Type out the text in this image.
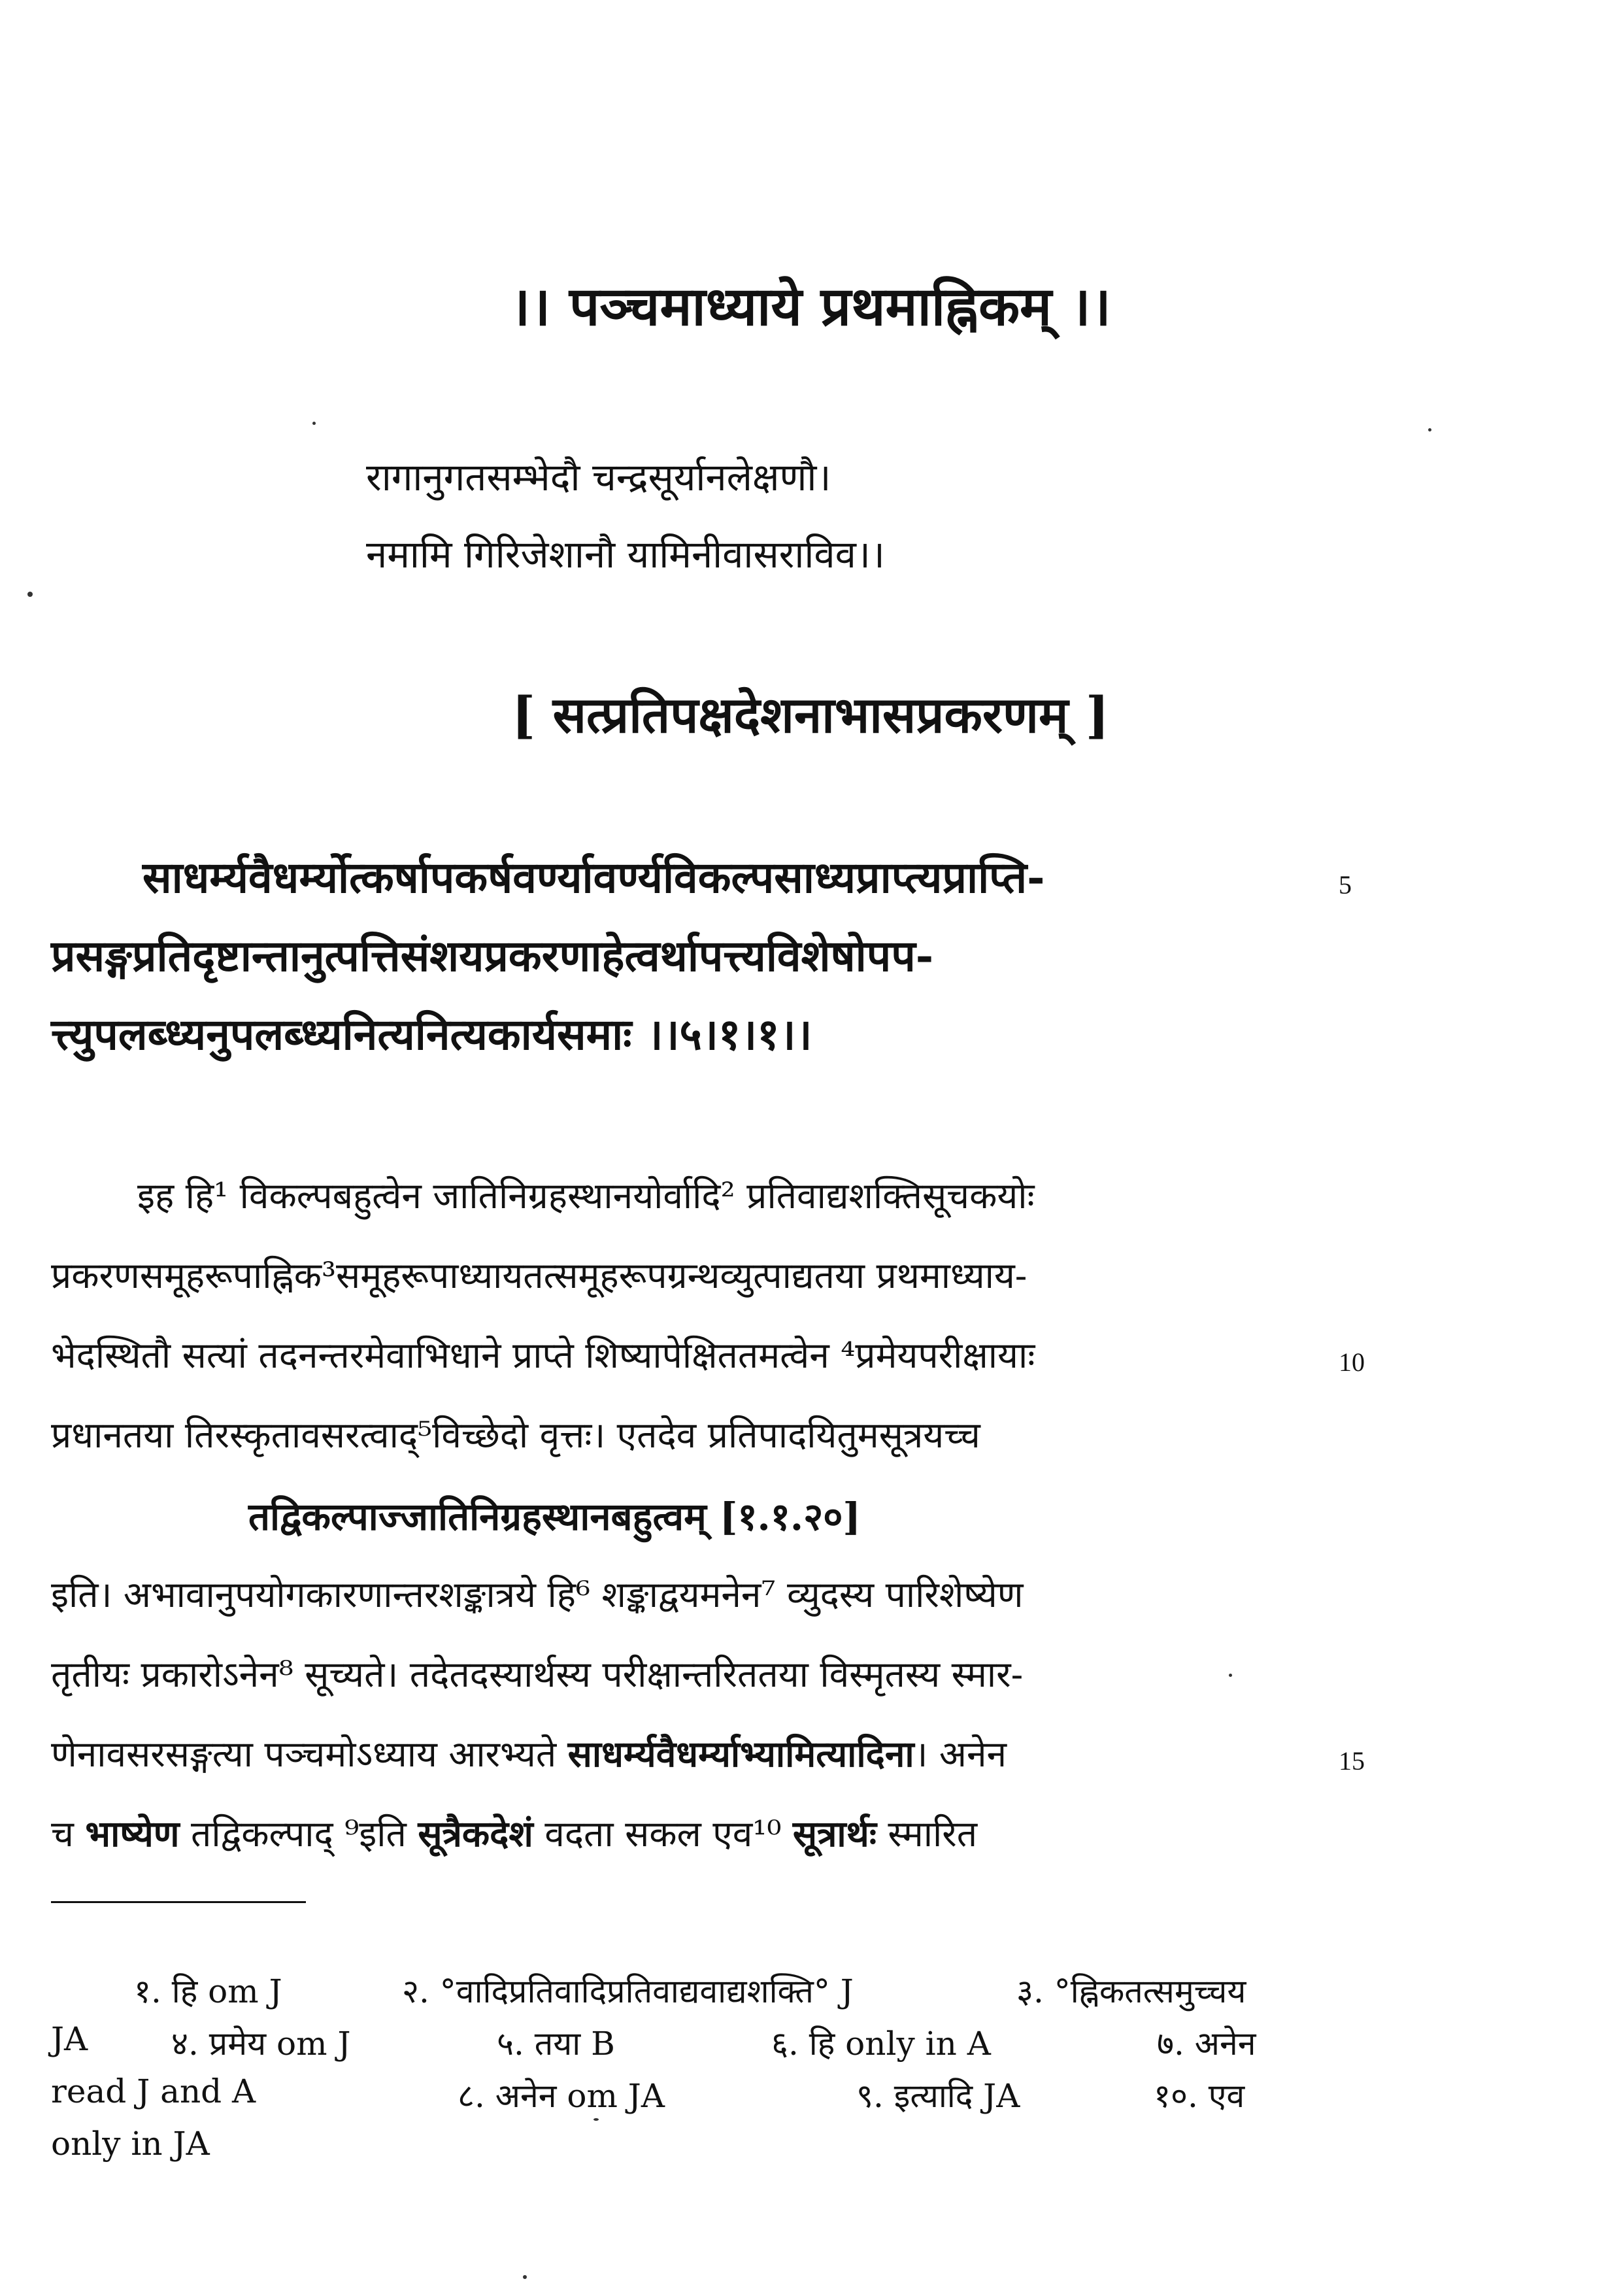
।। पञ्चमाध्याये प्रथमाह्निकम् ।।
रागानुगतसम्भेदौ चन्द्रसूर्यानलेक्षणौ।
नमामि गिरिजेशानौ यामिनीवासराविव।।
[ सत्प्रतिपक्षदेशनाभासप्रकरणम् ]
साधर्म्यवैधर्म्योत्कर्षापकर्षवर्ण्यावर्ण्यविकल्पसाध्यप्राप्त्यप्राप्ति-
प्रसङ्गप्रतिदृष्टान्तानुत्पत्तिसंशयप्रकरणाहेत्वर्थापत्त्यविशेषोपप-
त्त्युपलब्ध्यनुपलब्ध्यनित्यनित्यकार्यसमाः ।।५।१।१।।
5
10
15
इह हि¹ विकल्पबहुत्वेन जातिनिग्रहस्थानयोर्वादि² प्रतिवाद्यशक्तिसूचकयोः
प्रकरणसमूहरूपाह्निक³समूहरूपाध्यायतत्समूहरूपग्रन्थव्युत्पाद्यतया प्रथमाध्याय-
भेदस्थितौ सत्यां तदनन्तरमेवाभिधाने प्राप्ते शिष्यापेक्षिततमत्वेन ⁴प्रमेयपरीक्षायाः
प्रधानतया तिरस्कृतावसरत्वाद्⁵विच्छेदो वृत्तः। एतदेव प्रतिपादयितुमसूत्रयच्च
तद्विकल्पाज्जातिनिग्रहस्थानबहुत्वम् [१.१.२०]
इति। अभावानुपयोगकारणान्तरशङ्कात्रये हि⁶ शङ्काद्वयमनेन⁷ व्युदस्य पारिशेष्येण
तृतीयः प्रकारोऽनेन⁸ सूच्यते। तदेतदस्यार्थस्य परीक्षान्तरिततया विस्मृतस्य स्मार-
णेनावसरसङ्गत्या पञ्चमोऽध्याय आरभ्यते साधर्म्यवैधर्म्याभ्यामित्यादिना। अनेन
च भाष्येण तद्विकल्पाद् ⁹इति सूत्रैकदेशं वदता सकल एव¹⁰ सूत्रार्थः स्मारित
१. हि om J	२. °वादिप्रतिवादिप्रतिवाद्यवाद्यशक्ति° J	३. °ह्निकतत्समुच्चय
JA	४. प्रमेय om J	५. तया B	६. हि only in A	७. अनेन
read J and A	८. अनेन om JA	९. इत्यादि JA	१०. एव
only in JA
